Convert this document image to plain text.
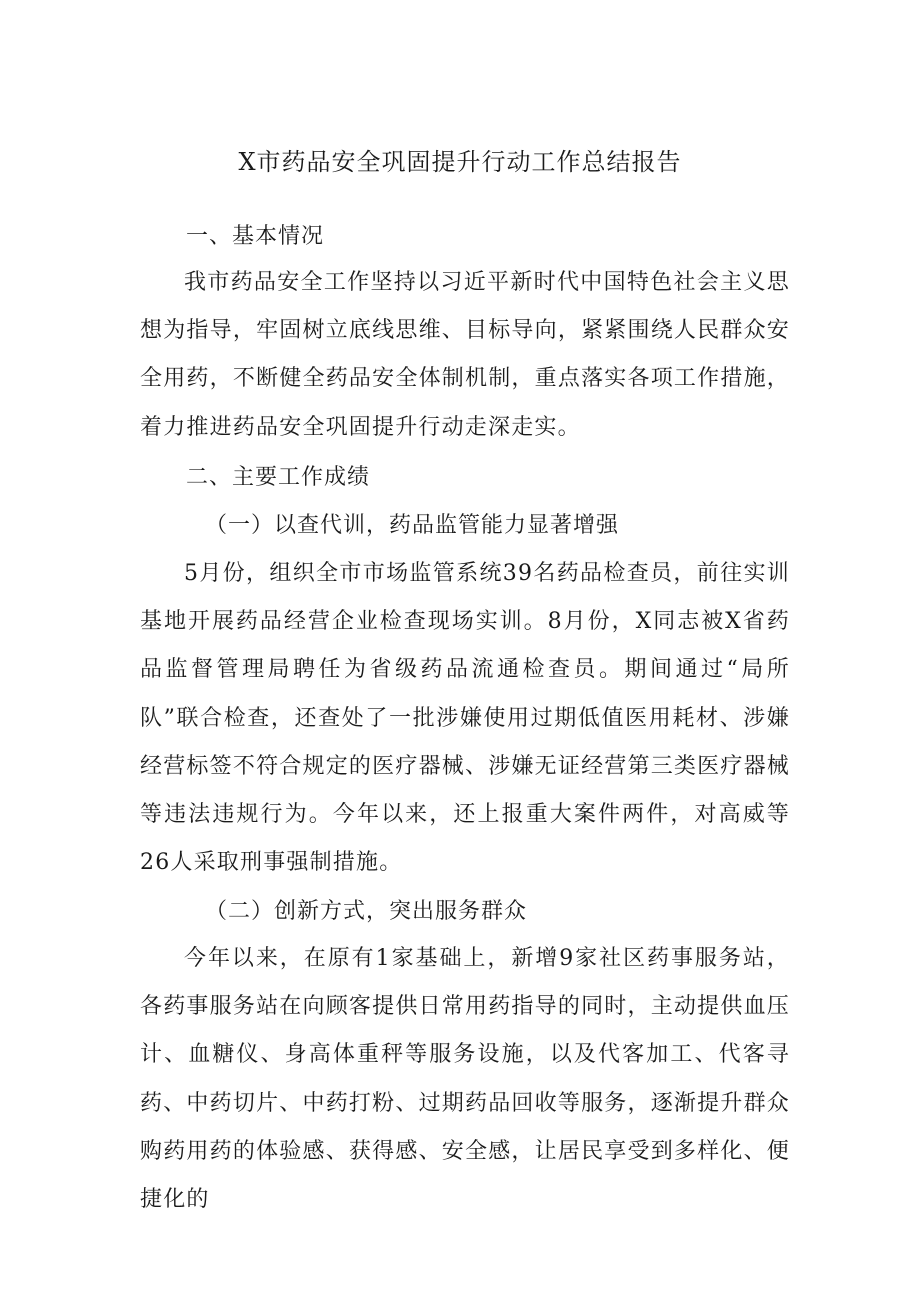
X市药品安全巩固提升行动工作总结报告
一、基本情况

我市药品安全工作坚持以习近平新时代中国特色社会主义思想为指导，牢固树立底线思维、目标导向，紧紧围绕人民群众安全用药，不断健全药品安全体制机制，重点落实各项工作措施，着力推进药品安全巩固提升行动走深走实。

二、主要工作成绩
（一）以查代训，药品监管能力显著增强

5月份，组织全市市场监管系统39名药品检查员，前往实训基地开展药品经营企业检查现场实训。8月份，X同志被X省药品监督管理局聘任为省级药品流通检查员。期间通过“局所队”联合检查，还查处了一批涉嫌使用过期低值医用耗材、涉嫌经营标签不符合规定的医疗器械、涉嫌无证经营第三类医疗器械等违法违规行为。今年以来，还上报重大案件两件，对高威等26人采取刑事强制措施。

（二）创新方式，突出服务群众

今年以来，在原有1家基础上，新增9家社区药事服务站，各药事服务站在向顾客提供日常用药指导的同时，主动提供血压计、血糖仪、身高体重秤等服务设施，以及代客加工、代客寻药、中药切片、中药打粉、过期药品回收等服务，逐渐提升群众购药用药的体验感、获得感、安全感，让居民享受到多样化、便捷化的
